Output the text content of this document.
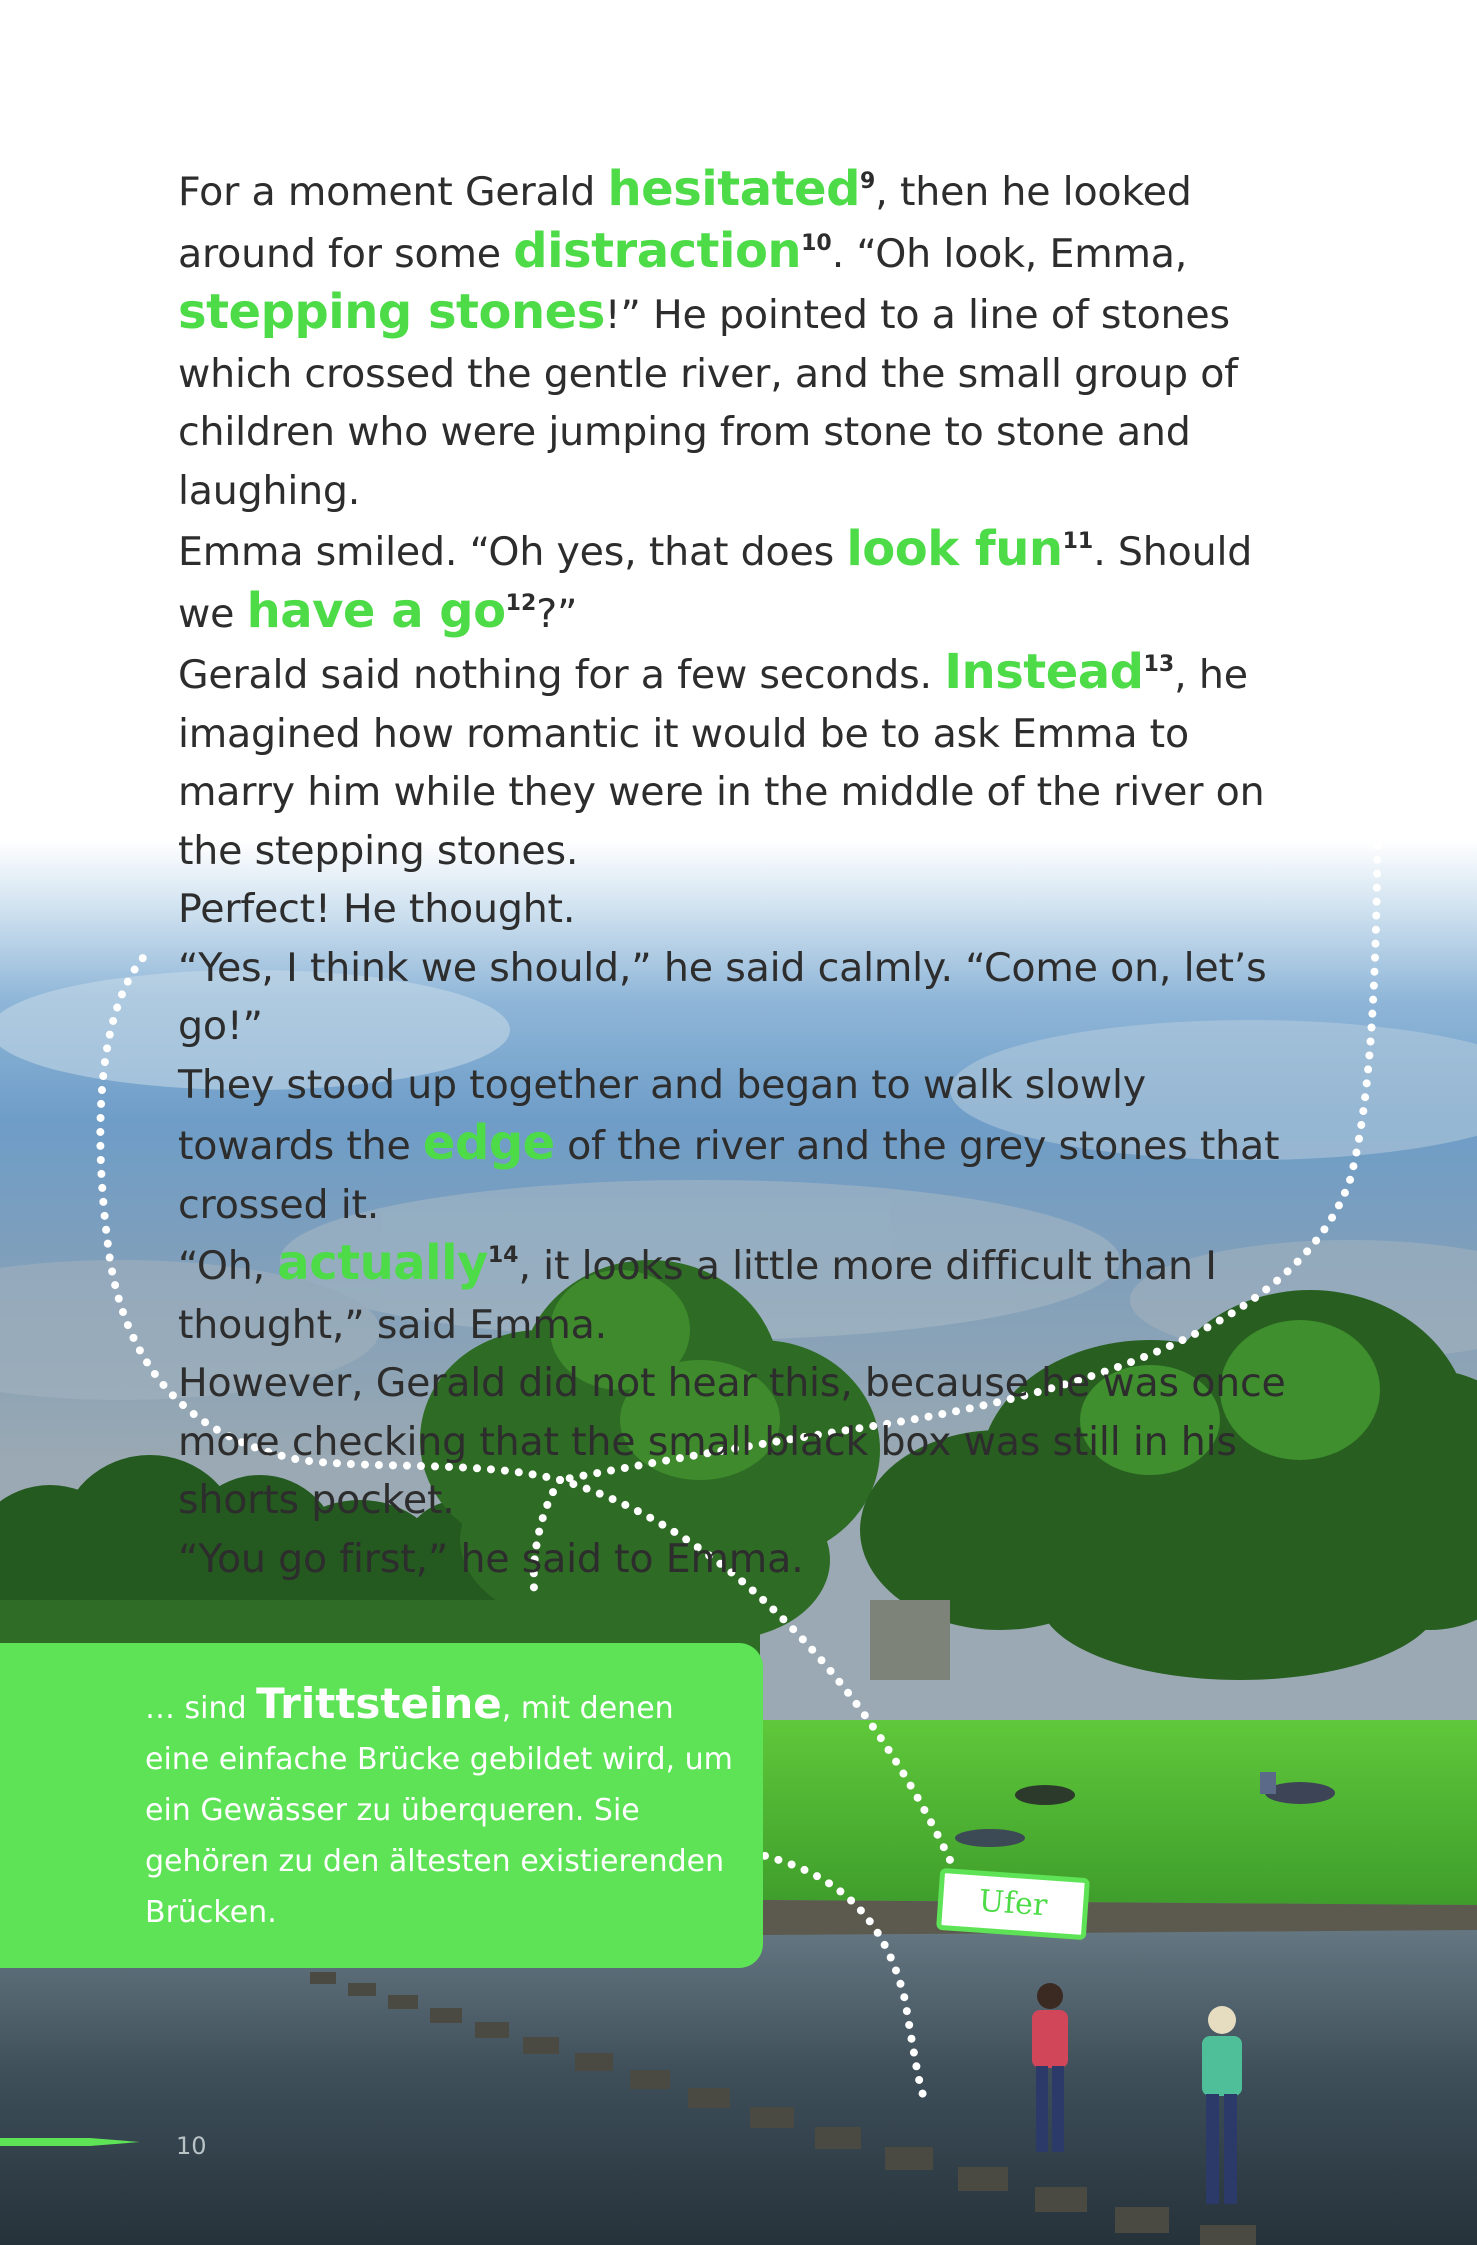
For a moment Gerald hesitated$^9$, then he looked around for some distraction$^{10}$. “Oh look, Emma, stepping stones!” He pointed to a line of stones which crossed the gentle river, and the small group of children who were jumping from stone to stone and laughing.

Emma smiled. “Oh yes, that does look fun$^{11}$. Should we have a go$^{12}$?”

Gerald said nothing for a few seconds. Instead$^{13}$, he imagined how romantic it would be to ask Emma to marry him while they were in the middle of the river on the stepping stones.

Perfect! He thought.

“Yes, I think we should,” he said calmly. “Come on, let’s go!”

They stood up together and began to walk slowly towards the edge of the river and the grey stones that crossed it.

“Oh, actually$^{14}$, it looks a little more difficult than I thought,” said Emma.

However, Gerald did not hear this, because he was once more checking that the small black box was still in his shorts pocket.

“You go first,” he said to Emma.

… sind Trittsteine, mit denen eine einfache Brücke gebildet wird, um ein Gewässer zu überqueren. Sie gehören zu den ältesten existierenden Brücken.	Ufer
10
